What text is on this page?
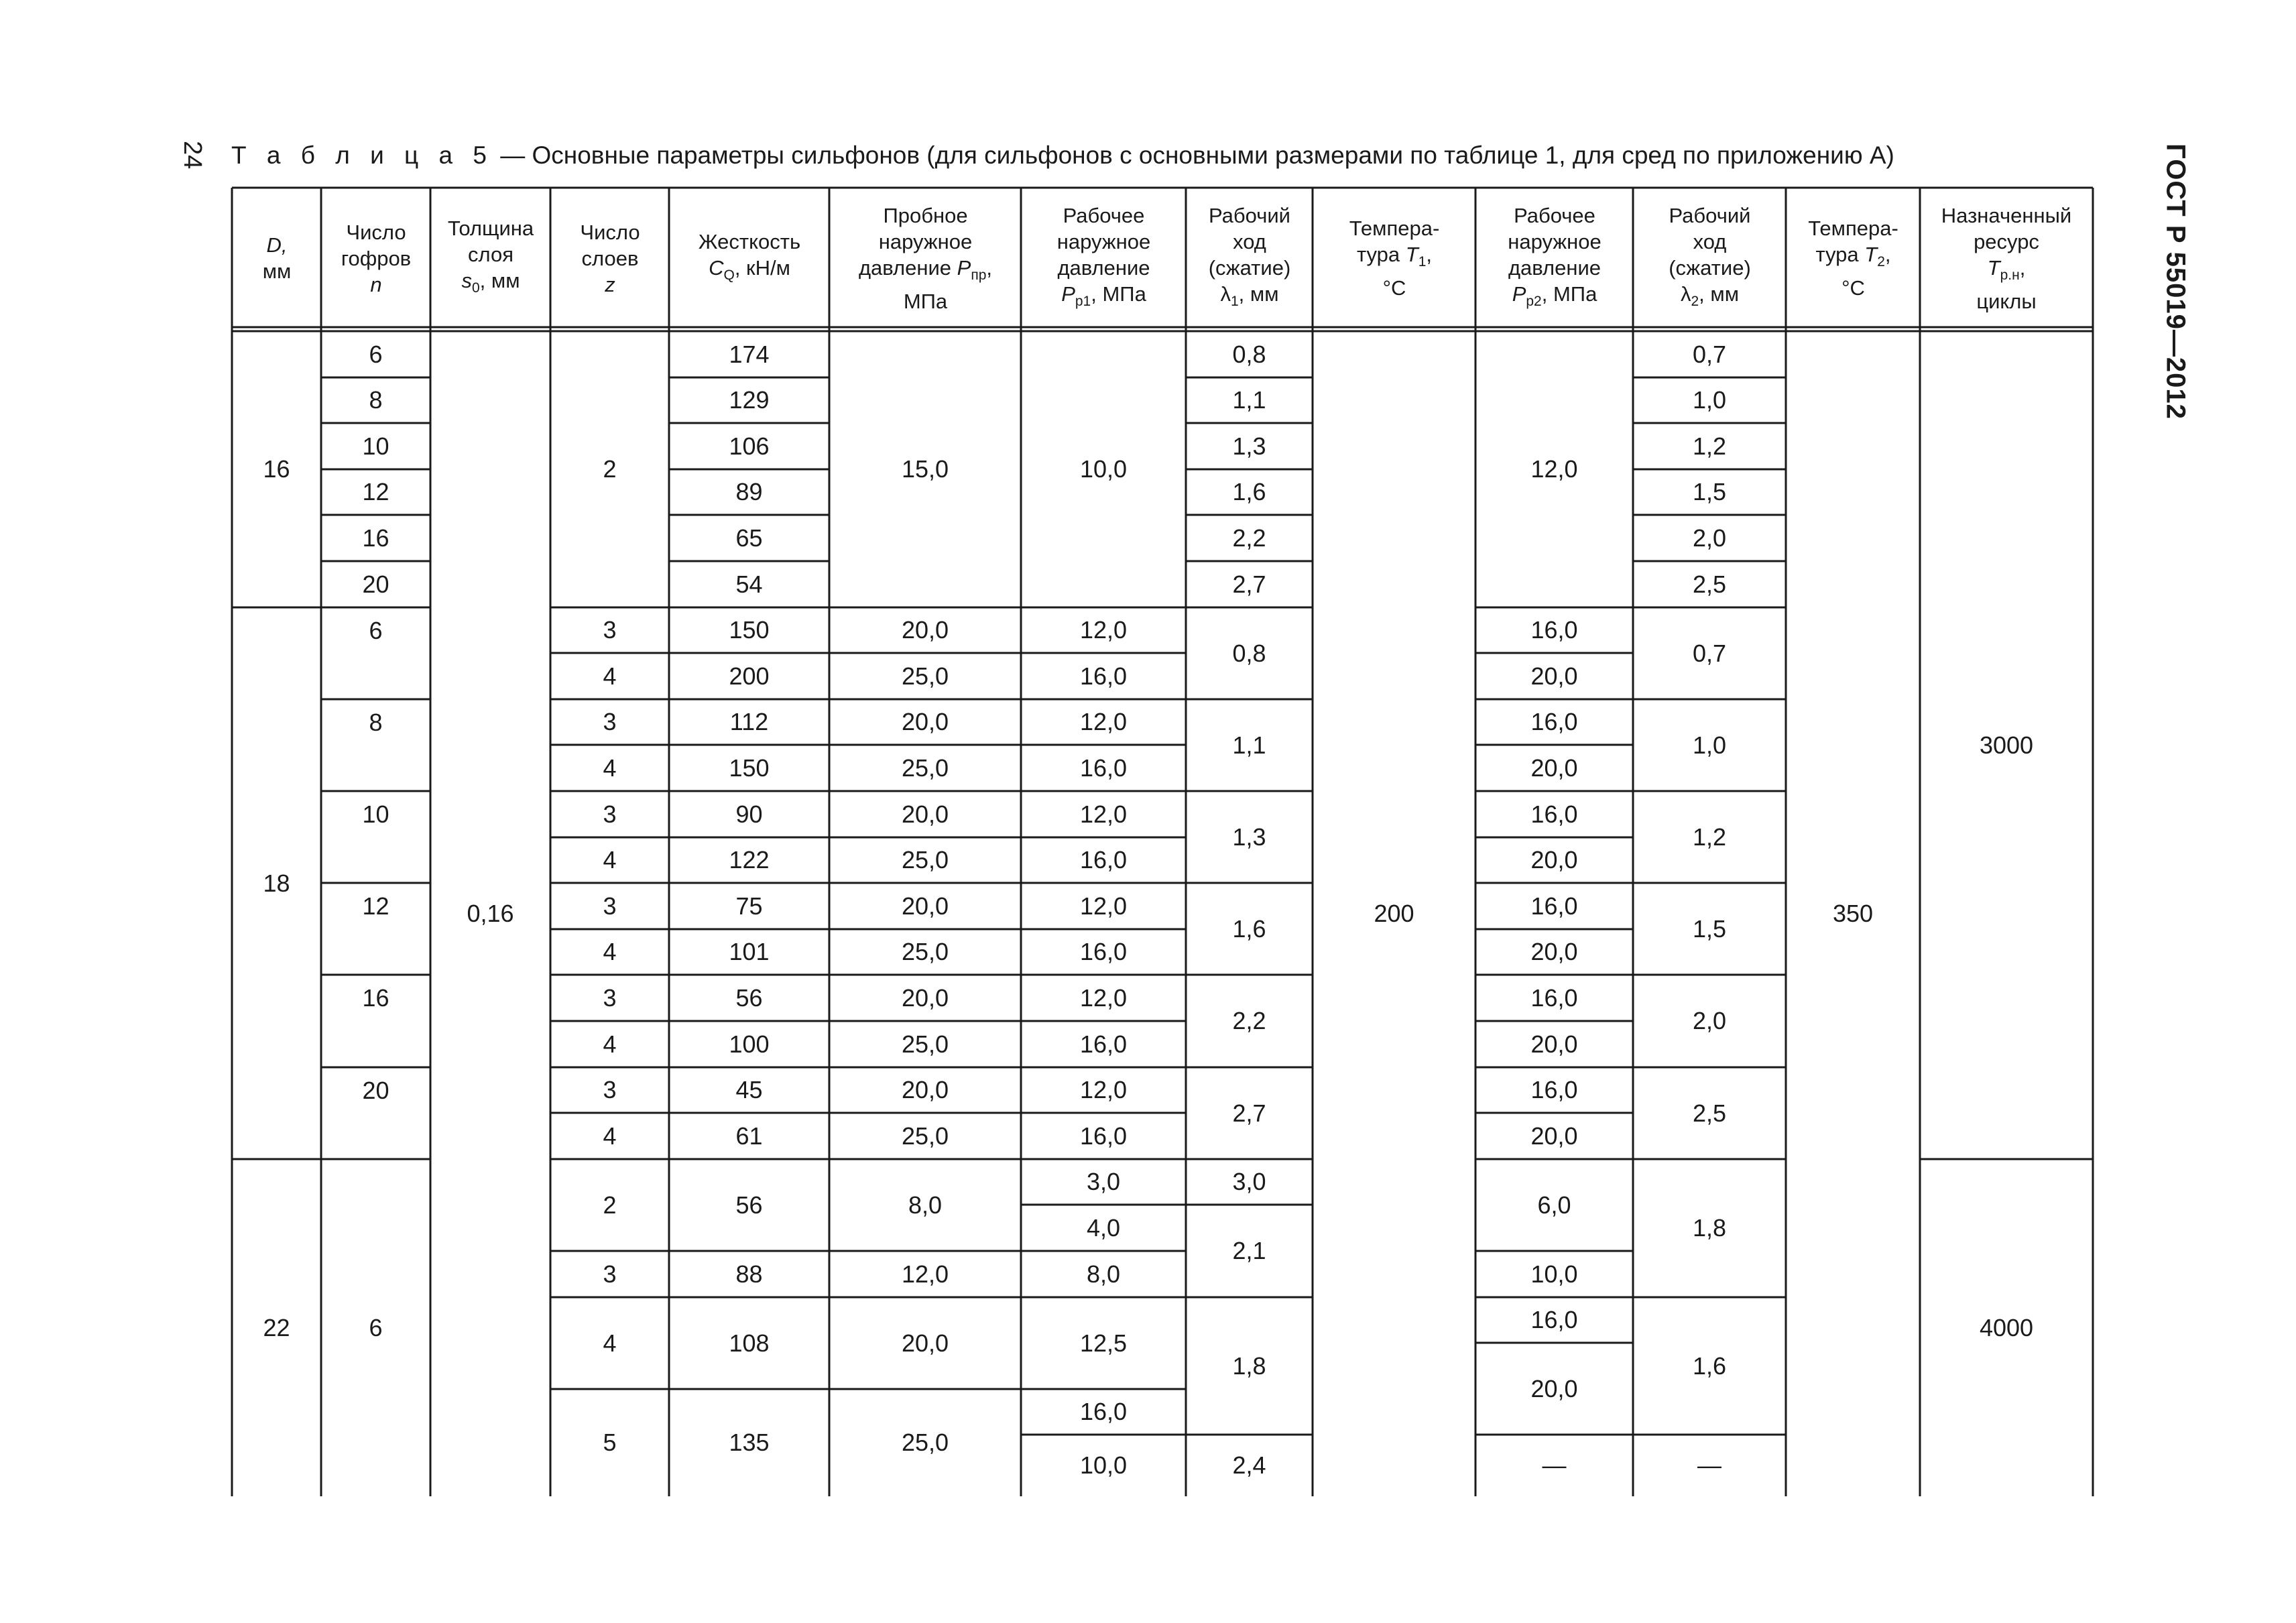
24 Т а б л и ц а 5 — Основные параметры сильфонов (для сильфонов с основными размерами по таблице 1, для сред по приложению А)	ГОСТ Р 55019—2012
D,
мм
Число
гофров
n
Толщина
слоя
$s_0$, мм
Число
слоев
z
Жесткость
$C_Q$, кН/м
Пробное
наружное
давление $P_{пр}$,
МПа
Рабочее
наружное
давление
$P_{р1}$, МПа
Рабочий
ход
(сжатие)
$\lambda_1$, мм
Темпера-
тура $T_1$,
°С
Рабочее
наружное
давление
$P_{р2}$, МПа
Рабочий
ход
(сжатие)
$\lambda_2$, мм
Темпера-
тура $T_2$,
°С
Назначенный
ресурс
$T_{р.н}$,
циклы
16
18
22
6
8
10
12
16
20
6
8
10
12
16
20
6
0,16
2
3
4
3
4
3
4
3
4
3
4
3
4
2
3
4
5
174
129
106
89
65
54
150
200
112
150
90
122
75
101
56
100
45
61
56
88
108
135
15,0
20,0
25,0
20,0
25,0
20,0
25,0
20,0
25,0
20,0
25,0
20,0
25,0
8,0
12,0
20,0
25,0
10,0
12,0
16,0
12,0
16,0
12,0
16,0
12,0
16,0
12,0
16,0
12,0
16,0
3,0
4,0
8,0
12,5
16,0
10,0
0,8
1,1
1,3
1,6
2,2
2,7
0,8
1,1
1,3
1,6
2,2
2,7
3,0
2,1
1,8
2,4
200
12,0
16,0
20,0
16,0
20,0
16,0
20,0
16,0
20,0
16,0
20,0
16,0
20,0
6,0
10,0
16,0
20,0
—
0,7
1,0
1,2
1,5
2,0
2,5
0,7
1,0
1,2
1,5
2,0
2,5
1,8
1,6
—
350
3000
4000
